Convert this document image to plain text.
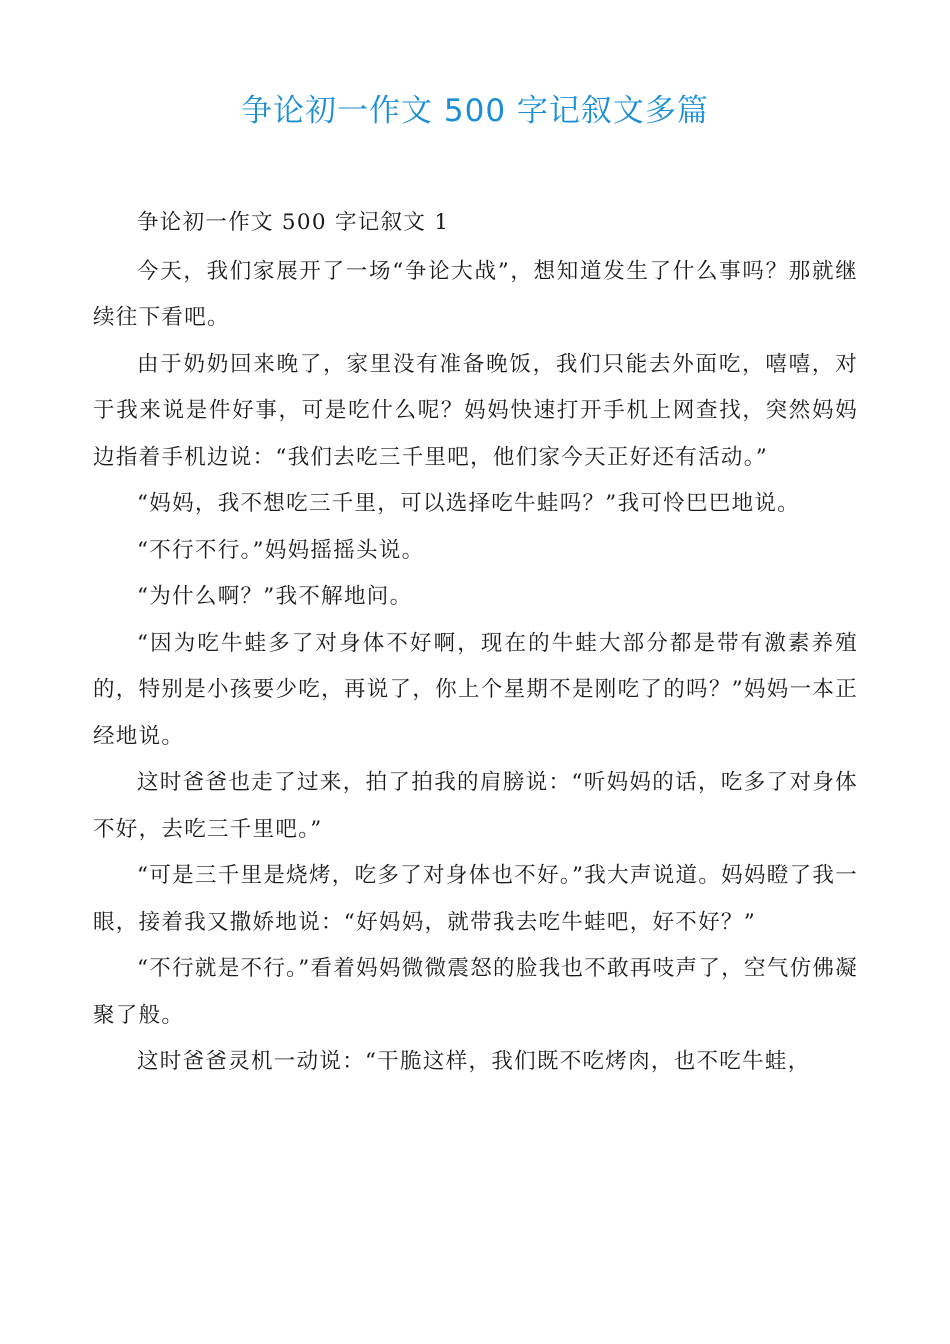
争论初一作文 500 字记叙文多篇

争论初一作文 500 字记叙文 1

今天，我们家展开了一场“争论大战”，想知道发生了什么事吗？那就继续往下看吧。

由于奶奶回来晚了，家里没有准备晚饭，我们只能去外面吃，嘻嘻，对于我来说是件好事，可是吃什么呢？妈妈快速打开手机上网查找，突然妈妈边指着手机边说：“我们去吃三千里吧，他们家今天正好还有活动。”

“妈妈，我不想吃三千里，可以选择吃牛蛙吗？”我可怜巴巴地说。

“不行不行。”妈妈摇摇头说。

“为什么啊？”我不解地问。

“因为吃牛蛙多了对身体不好啊，现在的牛蛙大部分都是带有激素养殖的，特别是小孩要少吃，再说了，你上个星期不是刚吃了的吗？”妈妈一本正经地说。

这时爸爸也走了过来，拍了拍我的肩膀说：“听妈妈的话，吃多了对身体不好，去吃三千里吧。”

“可是三千里是烧烤，吃多了对身体也不好。”我大声说道。妈妈瞪了我一眼，接着我又撒娇地说：“好妈妈，就带我去吃牛蛙吧，好不好？”

“不行就是不行。”看着妈妈微微震怒的脸我也不敢再吱声了，空气仿佛凝聚了般。

这时爸爸灵机一动说：“干脆这样，我们既不吃烤肉，也不吃牛蛙，
